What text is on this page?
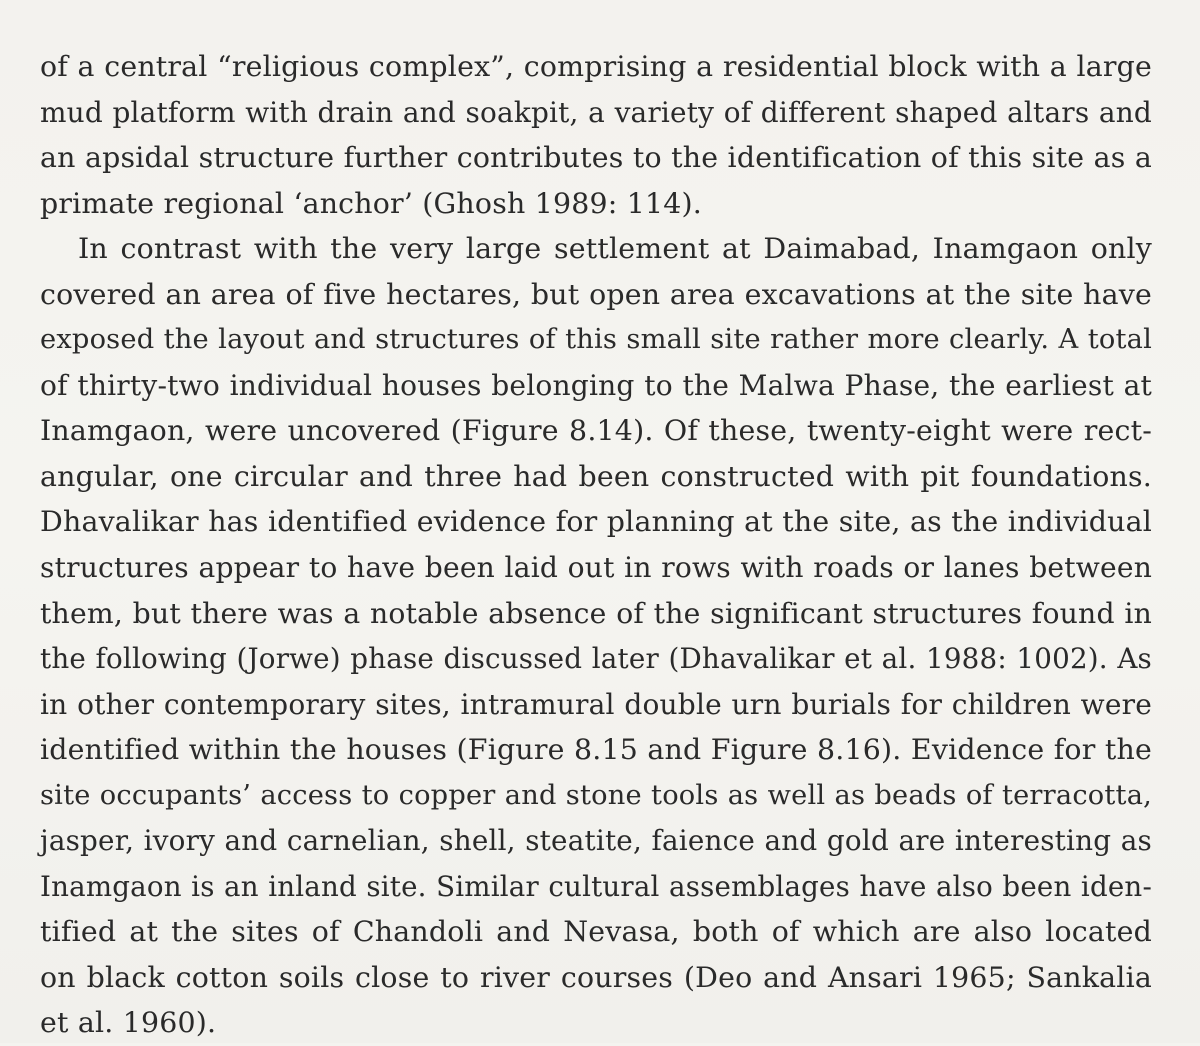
of a central “religious complex”, comprising a residential block with a large
mud platform with drain and soakpit, a variety of different shaped altars and
an apsidal structure further contributes to the identification of this site as a
primate regional ‘anchor’ (Ghosh 1989: 114).
In contrast with the very large settlement at Daimabad, Inamgaon only
covered an area of five hectares, but open area excavations at the site have
exposed the layout and structures of this small site rather more clearly. A total
of thirty-two individual houses belonging to the Malwa Phase, the earliest at
Inamgaon, were uncovered (Figure 8.14). Of these, twenty-eight were rect-
angular, one circular and three had been constructed with pit foundations.
Dhavalikar has identified evidence for planning at the site, as the individual
structures appear to have been laid out in rows with roads or lanes between
them, but there was a notable absence of the significant structures found in
the following (Jorwe) phase discussed later (Dhavalikar et al. 1988: 1002). As
in other contemporary sites, intramural double urn burials for children were
identified within the houses (Figure 8.15 and Figure 8.16). Evidence for the
site occupants’ access to copper and stone tools as well as beads of terracotta,
jasper, ivory and carnelian, shell, steatite, faience and gold are interesting as
Inamgaon is an inland site. Similar cultural assemblages have also been iden-
tified at the sites of Chandoli and Nevasa, both of which are also located
on black cotton soils close to river courses (Deo and Ansari 1965; Sankalia
et al. 1960).
